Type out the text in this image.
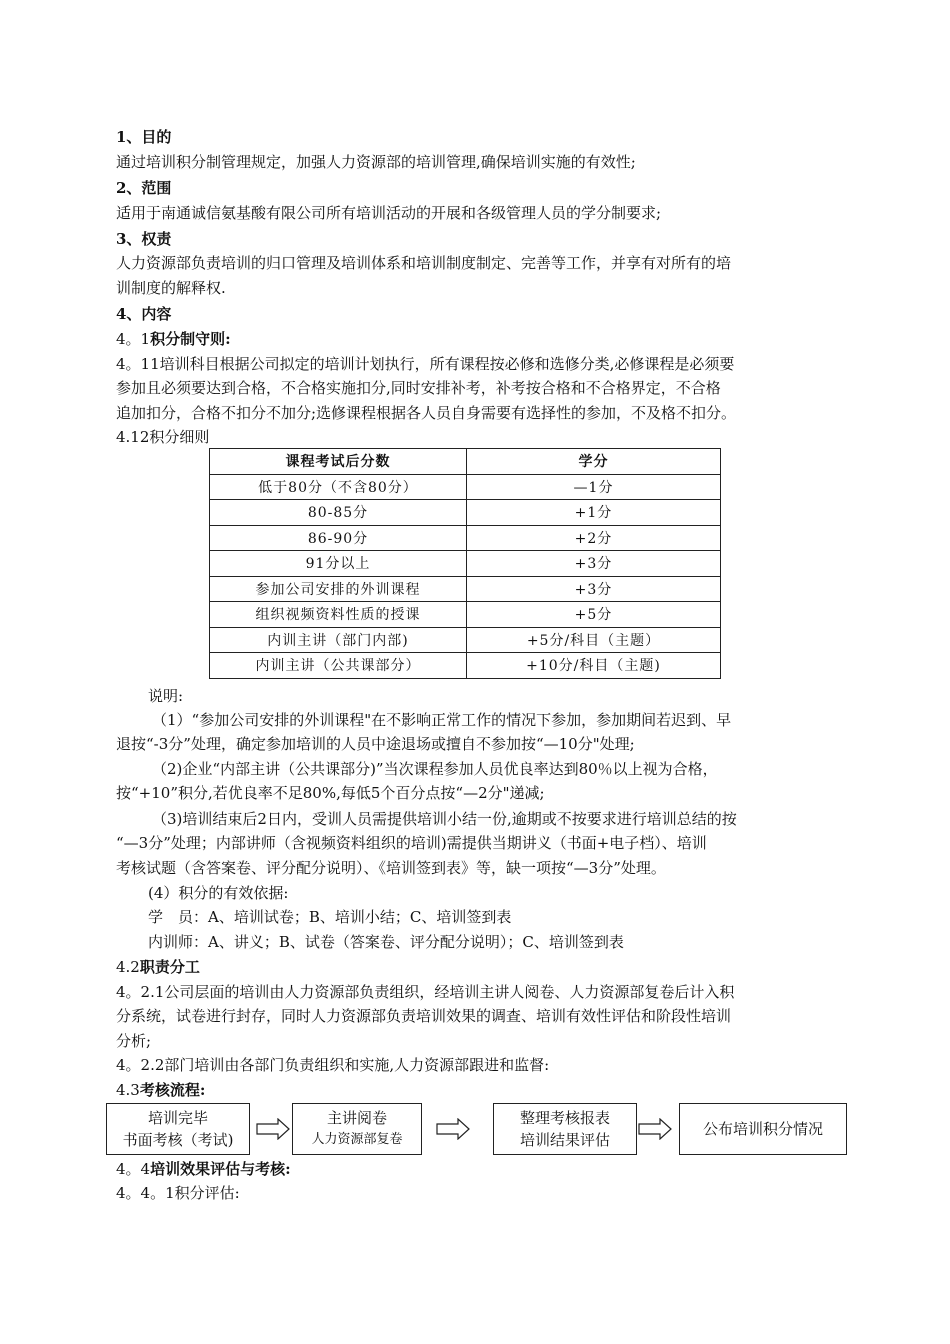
1、目的
通过培训积分制管理规定，加强人力资源部的培训管理,确保培训实施的有效性;
2、范围
适用于南通诚信氨基酸有限公司所有培训活动的开展和各级管理人员的学分制要求;
3、权责
人力资源部负责培训的归口管理及培训体系和培训制度制定、完善等工作，并享有对所有的培
训制度的解释权.
4、内容
4。1积分制守则:
4。11培训科目根据公司拟定的培训计划执行，所有课程按必修和选修分类,必修课程是必须要
参加且必须要达到合格，不合格实施扣分,同时安排补考，补考按合格和不合格界定，不合格
追加扣分，合格不扣分不加分;选修课程根据各人员自身需要有选择性的参加，不及格不扣分。
4.12积分细则
课程考试后分数	学分
低于80分（不含80分）	—1分
80-85分	+1分
86-90分	+2分
91分以上	+3分
参加公司安排的外训课程	+3分
组织视频资料性质的授课	+5分
内训主讲（部门内部)	+5分/科目（主题）
内训主讲（公共课部分）	+10分/科目（主题)
说明:
（1）“参加公司安排的外训课程"在不影响正常工作的情况下参加，参加期间若迟到、早
退按“-3分”处理，确定参加培训的人员中途退场或擅自不参加按“—10分"处理;
（2)企业“内部主讲（公共课部分)”当次课程参加人员优良率达到80％以上视为合格，
按“+10”积分,若优良率不足80%,每低5个百分点按“—2分"递减;
（3)培训结束后2日内，受训人员需提供培训小结一份,逾期或不按要求进行培训总结的按
“—3分”处理；内部讲师（含视频资料组织的培训)需提供当期讲义（书面+电子档）、培训
考核试题（含答案卷、评分配分说明）、《培训签到表》等，缺一项按“—3分”处理。
(4）积分的有效依据:
学　员：A、培训试卷；B、培训小结；C、培训签到表
内训师：A、讲义；B、试卷（答案卷、评分配分说明）；C、培训签到表
4.2职责分工
4。2.1公司层面的培训由人力资源部负责组织，经培训主讲人阅卷、人力资源部复卷后计入积
分系统，试卷进行封存，同时人力资源部负责培训效果的调查、培训有效性评估和阶段性培训
分析;
4。2.2部门培训由各部门负责组织和实施,人力资源部跟进和监督:
4.3考核流程:
培训完毕
书面考核（考试)
主讲阅卷
人力资源部复卷
整理考核报表
培训结果评估
公布培训积分情况
4。4培训效果评估与考核:
4。4。1积分评估:
